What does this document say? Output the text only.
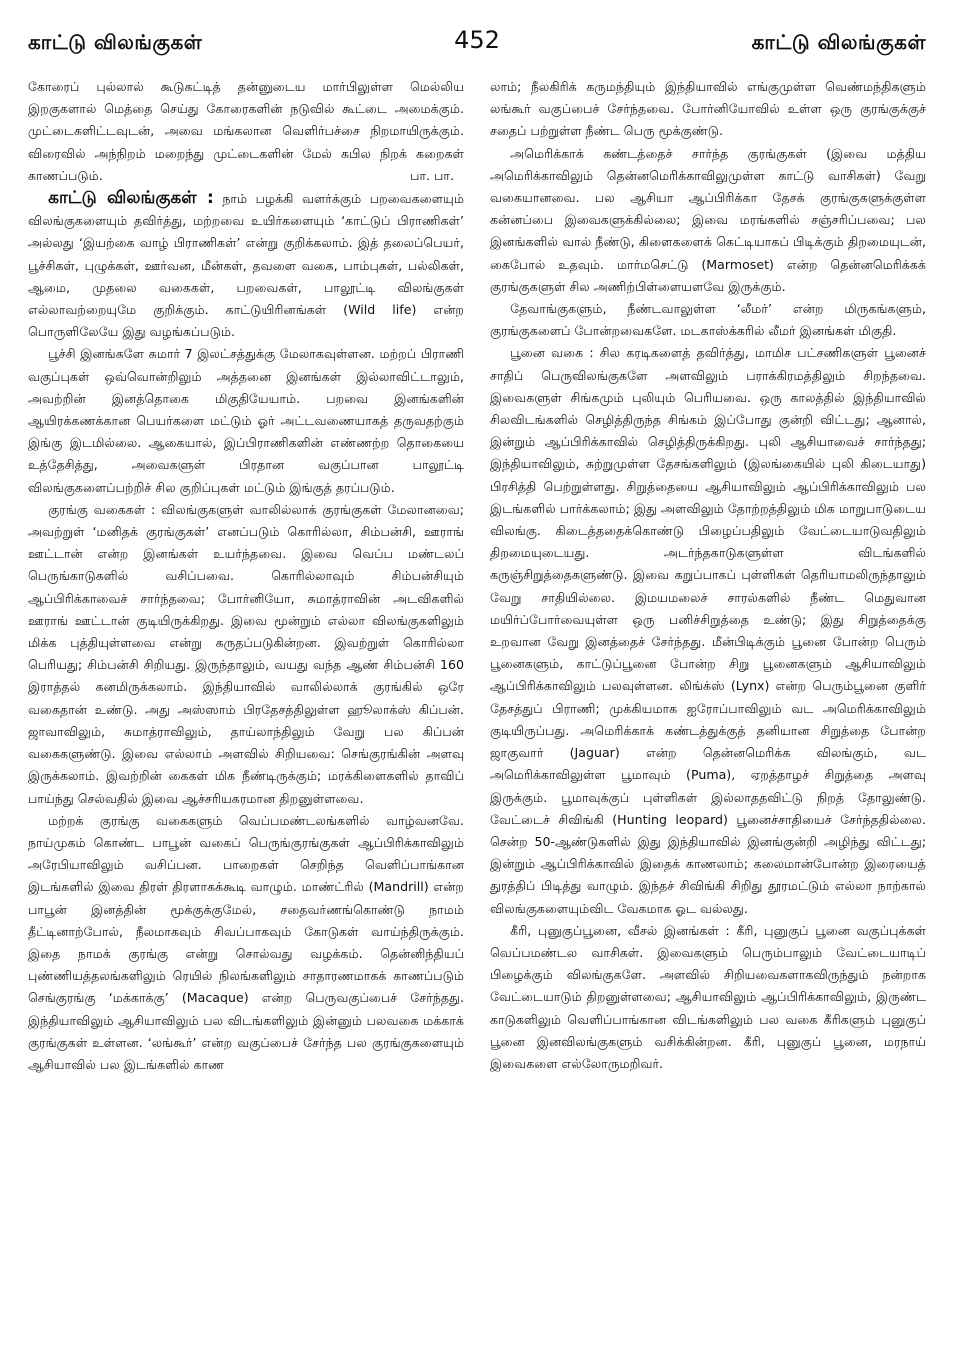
காட்டு விலங்குகள்	452	காட்டு விலங்குகள்

கோரைப் புல்லால் கூடுகட்டித் தன்னுடைய மார்பிலுள்ள மெல்லிய இறகுகளால் மெத்தை செய்து கோரைகளின் நடுவில் கூட்டை அமைக்கும். முட்டைகளிட்டவுடன், அவை மங்கலான வெளிர்பச்சை நிறமாயிருக்கும். விரைவில் அந்நிறம் மறைந்து முட்டைகளின் மேல் கபில நிறக் கறைகள் காணப்படும்.	பா. பா.

காட்டு விலங்குகள் : நாம் பழக்கி வளர்க்கும் பறவைகளையும் விலங்குகளையும் தவிர்த்து, மற்றவை உயிர்களையும் ‘காட்டுப் பிராணிகள்’ அல்லது ‘இயற்கை வாழ் பிராணிகள்’ என்று குறிக்கலாம். இத் தலைப்பெயர், பூச்சிகள், புழுக்கள், ஊர்வன, மீன்கள், தவளை வகை, பாம்புகள், பல்லிகள், ஆமை, முதலை வகைகள், பறவைகள், பாலூட்டி விலங்குகள் எல்லாவற்றையுமே குறிக்கும். காட்டுயிரினங்கள் (Wild life) என்ற பொருளிலேயே இது வழங்கப்படும்.

பூச்சி இனங்களே சுமார் 7 இலட்சத்துக்கு மேலாகவுள்ளன. மற்றப் பிராணி வகுப்புகள் ஒவ்வொன்றிலும் அத்தனை இனங்கள் இல்லாவிட்டாலும், அவற்றின் இனத்தொகை மிகுதியேயாம். பறவை இனங்களின் ஆயிரக்கணக்கான பெயர்களை மட்டும் ஓர் அட்டவணையாகத் தருவதற்கும் இங்கு இடமில்லை. ஆகையால், இப்பிராணிகளின் எண்ணற்ற தொகையை உத்தேசித்து, அவைகளுள் பிரதான வகுப்பான பாலூட்டி விலங்குகளைப்பற்றிச் சில குறிப்புகள் மட்டும் இங்குத் தரப்படும்.

குரங்கு வகைகள் : விலங்குகளுள் வாலில்லாக் குரங்குகள் மேலானவை; அவற்றுள் ‘மனிதக் குரங்குகள்’ எனப்படும் கொரில்லா, சிம்பன்சி, ஊராங் ஊட்டான் என்ற இனங்கள் உயர்ந்தவை. இவை வெப்ப மண்டலப் பெருங்காடுகளில் வசிப்பவை. கொரில்லாவும் சிம்பன்சியும் ஆப்பிரிக்காவைச் சார்ந்தவை; போர்னியோ, சுமாத்ராவின் அடவிகளில் ஊராங் ஊட்டான் குடியிருக்கிறது. இவை மூன்றும் எல்லா விலங்குகளிலும் மிக்க புத்தியுள்ளவை என்று கருதப்படுகின்றன. இவற்றுள் கொரில்லா பெரியது; சிம்பன்சி சிறியது. இருந்தாலும், வயது வந்த ஆண் சிம்பன்சி 160 இராத்தல் கனமிருக்கலாம். இந்தியாவில் வாலில்லாக் குரங்கில் ஒரே வகைதான் உண்டு. அது அஸ்ஸாம் பிரதேசத்திலுள்ள ஹூலாக்ஸ் கிப்பன். ஜாவாவிலும், சுமாத்ராவிலும், தாய்லாந்திலும் வேறு பல கிப்பன் வகைகளுண்டு. இவை எல்லாம் அளவில் சிறியவை: செங்குரங்கின் அளவு இருக்கலாம். இவற்றின் கைகள் மிக நீண்டிருக்கும்; மரக்கிளைகளில் தாவிப் பாய்ந்து செல்வதில் இவை ஆச்சரியகரமான திறனுள்ளவை.

மற்றக் குரங்கு வகைகளும் வெப்பமண்டலங்களில் வாழ்வனவே. நாய்முகம் கொண்ட பாபூன் வகைப் பெருங்குரங்குகள் ஆப்பிரிக்காவிலும் அரேபியாவிலும் வசிப்பன. பாறைகள் செறிந்த வெளிப்பாங்கான இடங்களில் இவை திரள் திரளாகக்கூடி வாழும். மாண்ட்ரில் (Mandrill) என்ற பாபூன் இனத்தின் மூக்குக்குமேல், சதைவர்ணங்கொண்டு நாமம் தீட்டினாற்போல், நீலமாகவும் சிவப்பாகவும் கோடுகள் வாய்ந்திருக்கும். இதை நாமக் குரங்கு என்று சொல்வது வழக்கம். தென்னிந்தியப் புண்ணியத்தலங்களிலும் ரெயில் நிலங்களிலும் சாதாரணமாகக் காணப்படும் செங்குரங்கு ‘மக்காக்கு’ (Macaque) என்ற பெருவகுப்பைச் சேர்ந்தது. இந்தியாவிலும் ஆசியாவிலும் பல விடங்களிலும் இன்னும் பலவகை மக்காக் குரங்குகள் உள்ளன. ‘லங்கூர்’ என்ற வகுப்பைச் சேர்ந்த பல குரங்குகளையும் ஆசியாவில் பல இடங்களில் காண

லாம்; நீலகிரிக் கருமந்தியும் இந்தியாவில் எங்குமுள்ள வெண்மந்திகளும் லங்கூர் வகுப்பைச் சேர்ந்தவை. போர்னியோவில் உள்ள ஒரு குரங்குக்குச் சதைப் பற்றுள்ள நீண்ட பெரு மூக்குண்டு.

அமெரிக்காக் கண்டத்தைச் சார்ந்த குரங்குகள் (இவை மத்திய அமெரிக்காவிலும் தென்னமெரிக்காவிலுமுள்ள காட்டு வாசிகள்) வேறு வகையானவை. பல ஆசியா ஆப்பிரிக்கா தேசக் குரங்குகளுக்குள்ள கன்னப்பை இவைகளுக்கில்லை; இவை மரங்களில் சஞ்சரிப்பவை; பல இனங்களில் வால் நீண்டு, கிளைகளைக் கெட்டியாகப் பிடிக்கும் திறமையுடன், கைபோல் உதவும். மார்மசெட்டு (Marmoset) என்ற தென்னமெரிக்கக் குரங்குகளுள் சில அணிற்பிள்ளையளவே இருக்கும்.

தேவாங்குகளும், நீண்டவாலுள்ள ‘லீமர்’ என்ற மிருகங்களும், குரங்குகளைப் போன்றவைகளே. மடகாஸ்க்கரில் லீமர் இனங்கள் மிகுதி.

பூனை வகை : சில கரடிகளைத் தவிர்த்து, மாமிச பட்சணிகளுள் பூனைச் சாதிப் பெருவிலங்குகளே அளவிலும் பராக்கிரமத்திலும் சிறந்தவை. இவைகளுள் சிங்கமும் புலியும் பெரியவை. ஒரு காலத்தில் இந்தியாவில் சிலவிடங்களில் செழித்திருந்த சிங்கம் இப்போது குன்றி விட்டது; ஆனால், இன்றும் ஆப்பிரிக்காவில் செழித்திருக்கிறது. புலி ஆசியாவைச் சார்ந்தது; இந்தியாவிலும், சுற்றுமுள்ள தேசங்களிலும் (இலங்கையில் புலி கிடையாது) பிரசித்தி பெற்றுள்ளது. சிறுத்தையை ஆசியாவிலும் ஆப்பிரிக்காவிலும் பல இடங்களில் பார்க்கலாம்; இது அளவிலும் தோற்றத்திலும் மிக மாறுபாடுடைய விலங்கு. கிடைத்ததைக்கொண்டு பிழைப்பதிலும் வேட்டையாடுவதிலும் திறமையுடையது. அடர்ந்தகாடுகளுள்ள விடங்களில் கருஞ்சிறுத்தைகளுண்டு. இவை கறுப்பாகப் புள்ளிகள் தெரியாமலிருந்தாலும் வேறு சாதியில்லை. இமயமலைச் சாரல்களில் நீண்ட மெதுவான மயிர்ப்போர்வையுள்ள ஒரு பனிச்சிறுத்தை உண்டு; இது சிறுத்தைக்கு உறவான வேறு இனத்தைச் சேர்ந்தது. மீன்பிடிக்கும் பூனை போன்ற பெரும் பூனைகளும், காட்டுப்பூனை போன்ற சிறு பூனைகளும் ஆசியாவிலும் ஆப்பிரிக்காவிலும் பலவுள்ளன. லிங்க்ஸ் (Lynx) என்ற பெரும்பூனை குளிர் தேசத்துப் பிராணி; முக்கியமாக ஐரோப்பாவிலும் வட அமெரிக்காவிலும் குடியிருப்பது. அமெரிக்காக் கண்டத்துக்குத் தனியான சிறுத்தை போன்ற ஜாகுவார் (Jaguar) என்ற தென்னமெரிக்க விலங்கும், வட அமெரிக்காவிலுள்ள பூமாவும் (Puma), ஏறத்தாழச் சிறுத்தை அளவு இருக்கும். பூமாவுக்குப் புள்ளிகள் இல்லாததவிட்டு நிறத் தோலுண்டு. வேட்டைச் சிவிங்கி (Hunting leopard) பூனைச்சாதியைச் சேர்ந்ததில்லை. சென்ற 50-ஆண்டுகளில் இது இந்தியாவில் இனங்குன்றி அழிந்து விட்டது; இன்றும் ஆப்பிரிக்காவில் இதைக் காணலாம்; கலைமான்போன்ற இரையைத் துரத்திப் பிடித்து வாழும். இந்தச் சிவிங்கி சிறிது தூரமட்டும் எல்லா நாற்கால் விலங்குகளையும்விட வேகமாக ஓட வல்லது.

கீரி, புனுகுப்பூனை, வீசல் இனங்கள் : கீரி, புனுகுப் பூனை வகுப்புக்கள் வெப்பமண்டல வாசிகள். இவைகளும் பெரும்பாலும் வேட்டையாடிப் பிழைக்கும் விலங்குகளே. அளவில் சிறியவைகளாகவிருந்தும் நன்றாக வேட்டையாடும் திறனுள்ளவை; ஆசியாவிலும் ஆப்பிரிக்காவிலும், இருண்ட காடுகளிலும் வெளிப்பாங்கான விடங்களிலும் பல வகை கீரிகளும் புனுகுப் பூனை இனவிலங்குகளும் வசிக்கின்றன. கீரி, புனுகுப் பூனை, மரநாய் இவைகளை எல்லோருமறிவர்.
